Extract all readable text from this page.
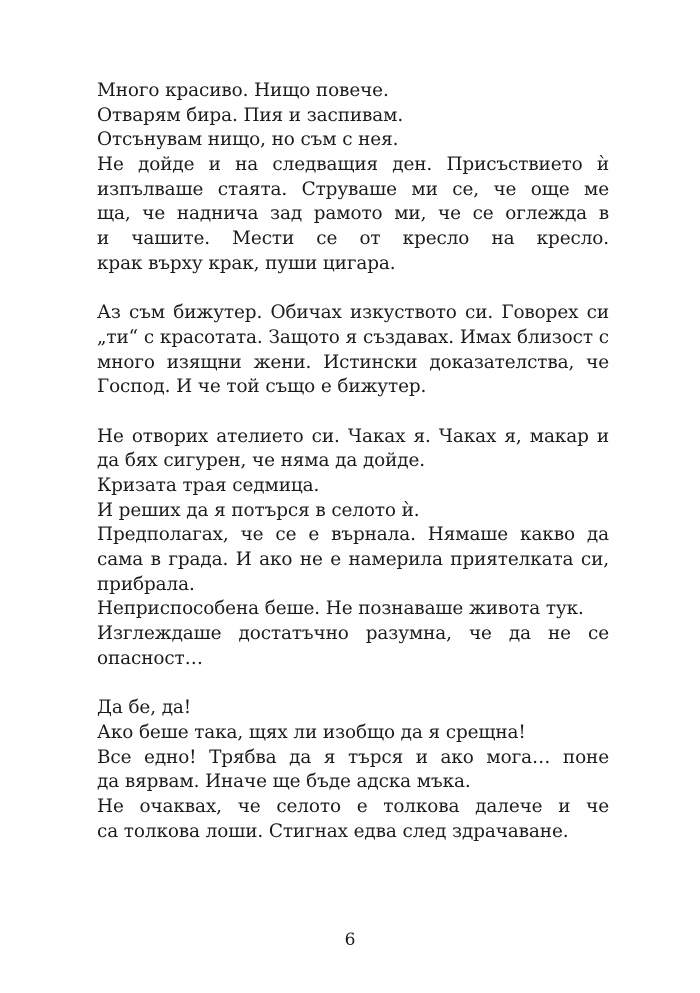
Много красиво. Нищо повече.
Отварям бира. Пия и заспивам.
Отсънувам нищо, но съм с нея.
Не дойде и на следващия ден. Присъствието ѝ
изпълваше стаята. Струваше ми се, че още ме
ща, че наднича зад рамото ми, че се оглежда в
и чашите. Мести се от кресло на кресло.
крак върху крак, пуши цигара.
Аз съм бижутер. Обичах изкуството си. Говорех си
„ти“ с красотата. Защото я създавах. Имах близост с
много изящни жени. Истински доказателства, че
Господ. И че той също е бижутер.
Не отворих ателието си. Чаках я. Чаках я, макар и
да бях сигурен, че няма да дойде.
Кризата трая седмица.
И реших да я потърся в селото ѝ.
Предполагах, че се е върнала. Нямаше какво да
сама в града. И ако не е намерила приятелката си,
прибрала.
Неприспособена беше. Не познаваше живота тук.
Изглеждаше достатъчно разумна, че да не се
опасност…
Да бе, да!
Ако беше така, щях ли изобщо да я срещна!
Все едно! Трябва да я търся и ако мога… поне
да вярвам. Иначе ще бъде адска мъка.
Не очаквах, че селото е толкова далече и че
са толкова лоши. Стигнах едва след здрачаване.
6
